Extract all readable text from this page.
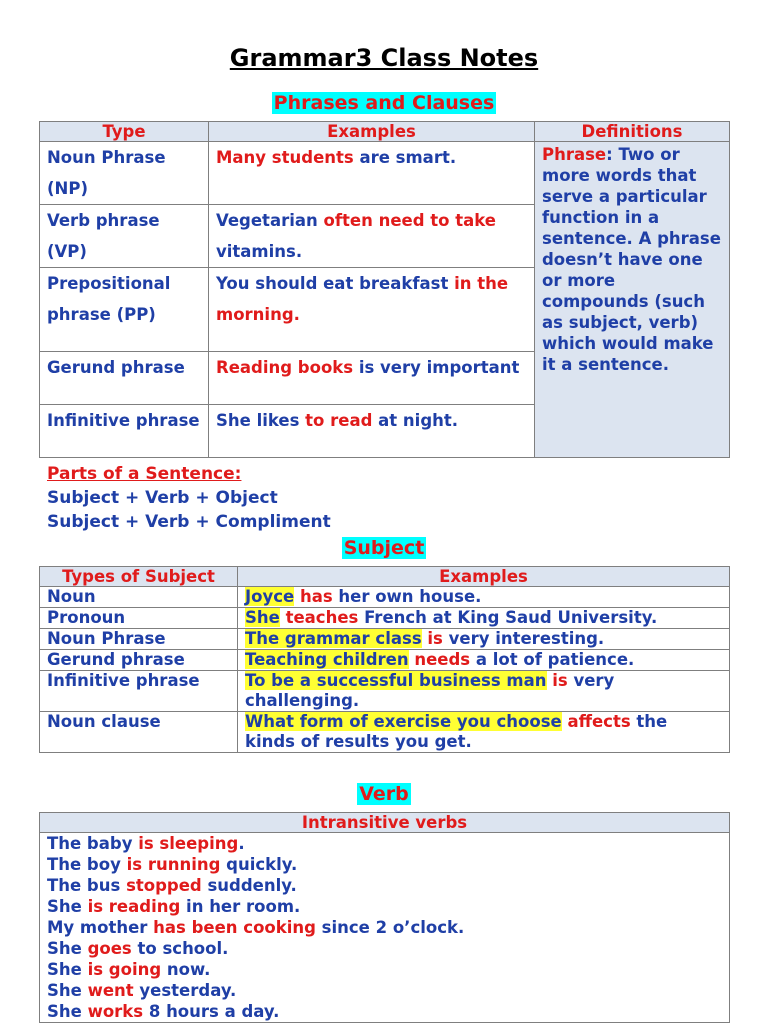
Grammar3 Class Notes
Phrases and Clauses
Type	Examples	Definitions
Noun Phrase (NP)	Many students are smart.	Phrase: Two or more words that serve a particular function in a sentence. A phrase doesn’t have one or more compounds (such as subject, verb) which would make it a sentence.
Verb phrase (VP)	Vegetarian often need to take vitamins.	
Prepositional phrase (PP)	You should eat breakfast in the morning.	
Gerund phrase	Reading books is very important	
Infinitive phrase	She likes to read at night.	
Parts of a Sentence:
Subject + Verb + Object
Subject + Verb + Compliment
Subject
Types of Subject	Examples
Noun	Joyce has her own house.
Pronoun	She teaches French at King Saud University.
Noun Phrase	The grammar class is very interesting.
Gerund phrase	Teaching children needs a lot of patience.
Infinitive phrase	To be a successful business man is very challenging.
Noun clause	What form of exercise you choose affects the kinds of results you get.
Verb
Intransitive verbs

The baby is sleeping.
The boy is running quickly.
The bus stopped suddenly.
She is reading in her room.
My mother has been cooking since 2 o’clock.
She goes to school.
She is going now.
She went yesterday.
She works 8 hours a day.
